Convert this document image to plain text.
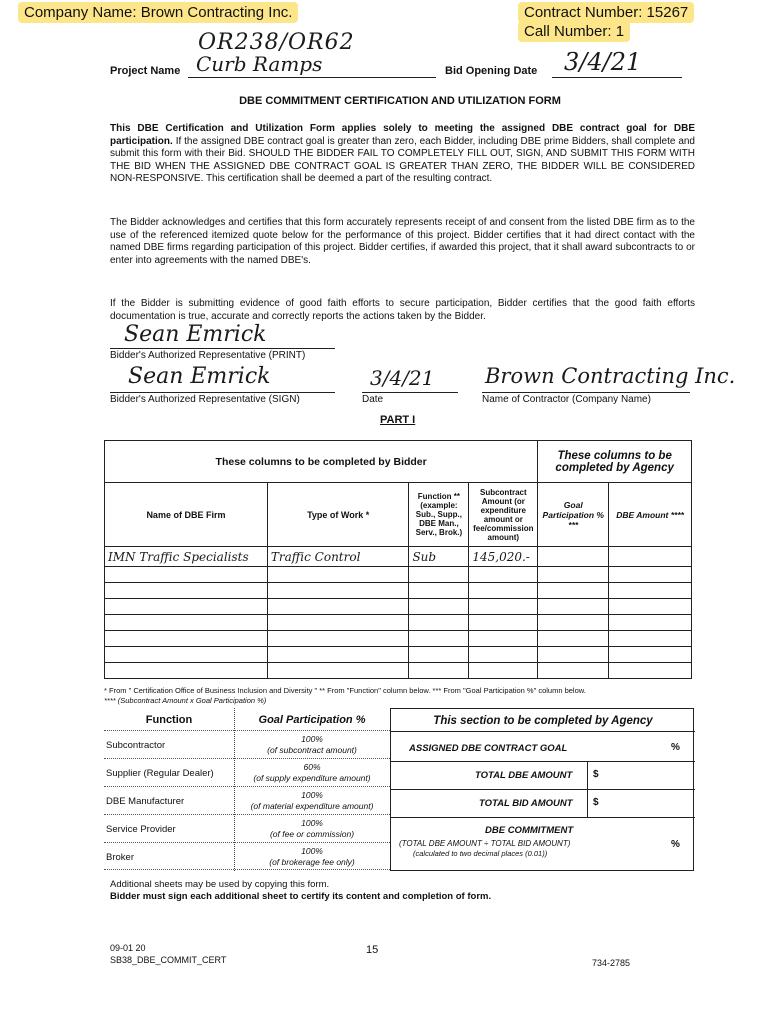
Company Name: Brown Contracting Inc.	Contract Number: 15267
Call Number: 1
OR238/OR62
Project Name Curb Ramps	Bid Opening Date 3/4/21
DBE COMMITMENT CERTIFICATION AND UTILIZATION FORM
This DBE Certification and Utilization Form applies solely to meeting the assigned DBE contract goal for DBE participation. If the assigned DBE contract goal is greater than zero, each Bidder, including DBE prime Bidders, shall complete and submit this form with their Bid. SHOULD THE BIDDER FAIL TO COMPLETELY FILL OUT, SIGN, AND SUBMIT THIS FORM WITH THE BID WHEN THE ASSIGNED DBE CONTRACT GOAL IS GREATER THAN ZERO, THE BIDDER WILL BE CONSIDERED NON-RESPONSIVE. This certification shall be deemed a part of the resulting contract.
The Bidder acknowledges and certifies that this form accurately represents receipt of and consent from the listed DBE firm as to the use of the referenced itemized quote below for the performance of this project. Bidder certifies that it had direct contact with the named DBE firms regarding participation of this project. Bidder certifies, if awarded this project, that it shall award subcontracts to or enter into agreements with the named DBE's.
If the Bidder is submitting evidence of good faith efforts to secure participation, Bidder certifies that the good faith efforts documentation is true, accurate and correctly reports the actions taken by the Bidder.
Sean Emrick
Bidder's Authorized Representative (PRINT)
Sean Emrick
Bidder's Authorized Representative (SIGN)
3/4/21
Date
Brown Contracting Inc.
Name of Contractor (Company Name)
PART I
These columns to be completed by Bidder				These columns to be completed by Agency	
Name of DBE Firm	Type of Work *	Function ** (example: Sub., Supp., DBE Man., Serv., Brok.)	Subcontract Amount (or expenditure amount or fee/commission amount)	Goal Participation % ***	DBE Amount ****
IMN Traffic Specialists	Traffic Control	Sub	145,020.-		

* From " Certification Office of Business Inclusion and Diversity " ** From "Function" column below. *** From "Goal Participation %" column below.
**** (Subcontract Amount x Goal Participation %)
Function	Goal Participation %
Subcontractor
100%
(of subcontract amount)
Supplier (Regular Dealer)
60%
(of supply expenditure amount)
DBE Manufacturer
100%
(of material expenditure amount)
Service Provider
100%
(of fee or commission)
Broker
100%
(of brokerage fee only)
This section to be completed by Agency
ASSIGNED DBE CONTRACT GOAL	%
TOTAL DBE AMOUNT $
TOTAL BID AMOUNT $
DBE COMMITMENT
(TOTAL DBE AMOUNT ÷ TOTAL BID AMOUNT)
(calculated to two decimal places (0.01))
%
Additional sheets may be used by copying this form.
Bidder must sign each additional sheet to certify its content and completion of form.
09-01 20
SB38_DBE_COMMIT_CERT
15
734-2785
